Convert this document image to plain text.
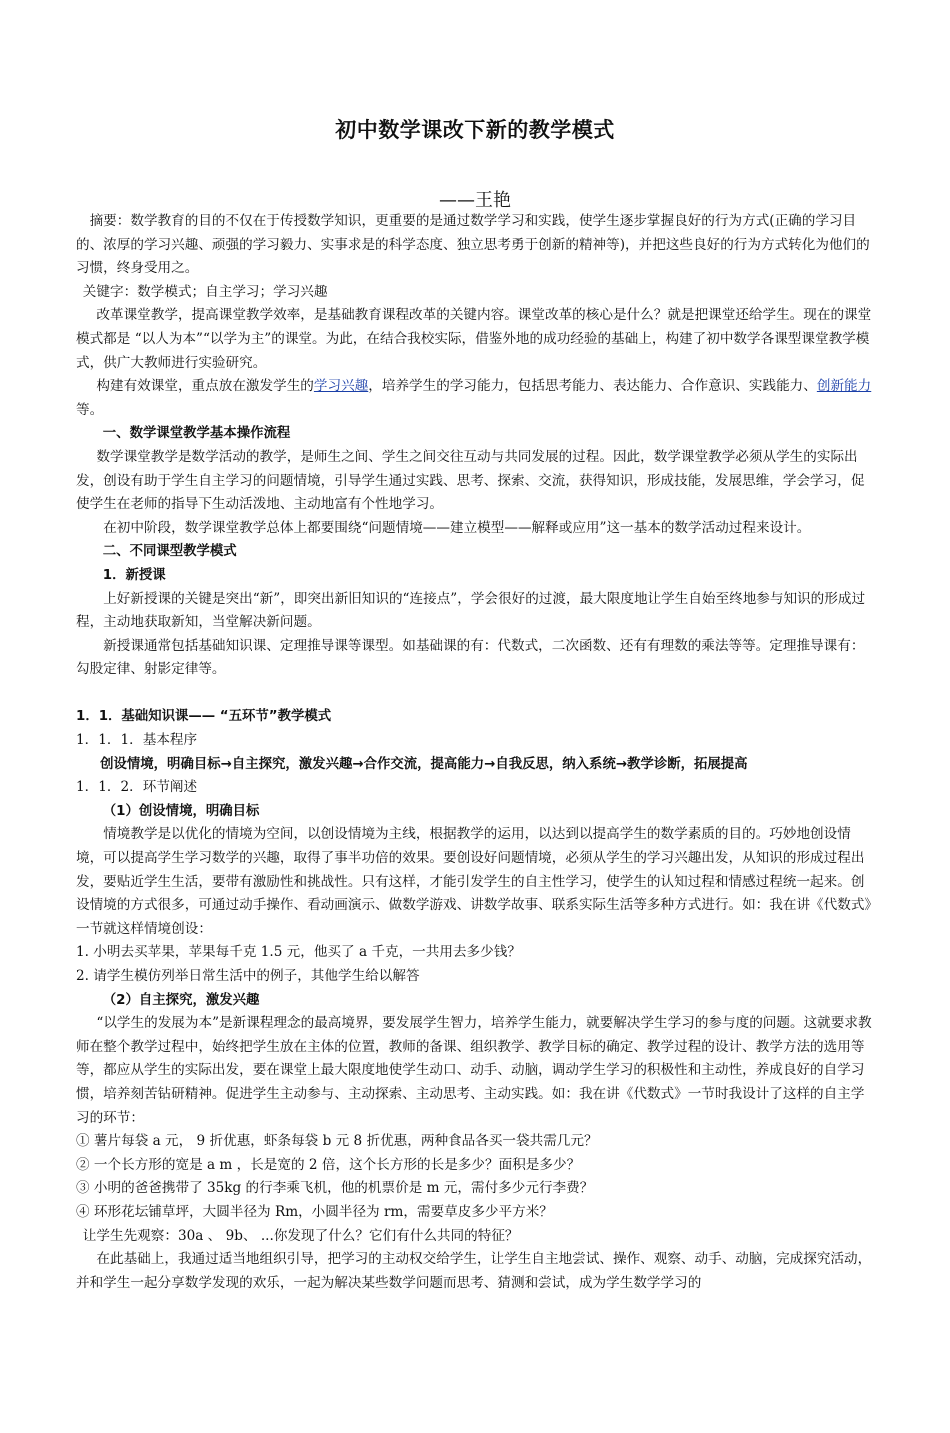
初中数学课改下新的教学模式
——王艳

摘要：数学教育的目的不仅在于传授数学知识，更重要的是通过数学学习和实践，使学生逐步掌握良好的行为方式(正确的学习目的、浓厚的学习兴趣、顽强的学习毅力、实事求是的科学态度、独立思考勇于创新的精神等)，并把这些良好的行为方式转化为他们的习惯，终身受用之。

关键字：数学模式；自主学习；学习兴趣

改革课堂教学，提高课堂教学效率，是基础教育课程改革的关键内容。课堂改革的核心是什么？就是把课堂还给学生。现在的课堂模式都是 “以人为本”“以学为主”的课堂。为此，在结合我校实际，借鉴外地的成功经验的基础上，构建了初中数学各课型课堂教学模式，供广大教师进行实验研究。

构建有效课堂，重点放在激发学生的学习兴趣，培养学生的学习能力，包括思考能力、表达能力、合作意识、实践能力、创新能力等。

一、数学课堂教学基本操作流程

数学课堂教学是数学活动的教学，是师生之间、学生之间交往互动与共同发展的过程。因此，数学课堂教学必须从学生的实际出发，创设有助于学生自主学习的问题情境，引导学生通过实践、思考、探索、交流，获得知识，形成技能，发展思维，学会学习，促使学生在老师的指导下生动活泼地、主动地富有个性地学习。

在初中阶段，数学课堂教学总体上都要围绕“问题情境——建立模型——解释或应用”这一基本的数学活动过程来设计。

二、不同课型教学模式

1．新授课

上好新授课的关键是突出“新”，即突出新旧知识的“连接点”，学会很好的过渡，最大限度地让学生自始至终地参与知识的形成过程，主动地获取新知，当堂解决新问题。

新授课通常包括基础知识课、定理推导课等课型。如基础课的有：代数式，二次函数、还有有理数的乘法等等。定理推导课有：勾股定律、射影定律等。

1．1．基础知识课—— “五环节”教学模式

1．1．1．基本程序

创设情境，明确目标→自主探究，激发兴趣→合作交流，提高能力→自我反思，纳入系统→教学诊断，拓展提高

1．1．2．环节阐述

（1）创设情境，明确目标

情境教学是以优化的情境为空间，以创设情境为主线，根据教学的运用，以达到以提高学生的数学素质的目的。巧妙地创设情境，可以提高学生学习数学的兴趣，取得了事半功倍的效果。要创设好问题情境，必须从学生的学习兴趣出发，从知识的形成过程出发，要贴近学生生活，要带有激励性和挑战性。只有这样，才能引发学生的自主性学习，使学生的认知过程和情感过程统一起来。创设情境的方式很多，可通过动手操作、看动画演示、做数学游戏、讲数学故事、联系实际生活等多种方式进行。如：我在讲《代数式》一节就这样情境创设：

1. 小明去买苹果，苹果每千克 1.5 元，他买了 a 千克，一共用去多少钱？

2. 请学生模仿列举日常生活中的例子，其他学生给以解答

（2）自主探究，激发兴趣

“以学生的发展为本”是新课程理念的最高境界，要发展学生智力，培养学生能力，就要解决学生学习的参与度的问题。这就要求教师在整个教学过程中，始终把学生放在主体的位置，教师的备课、组织教学、教学目标的确定、教学过程的设计、教学方法的选用等等，都应从学生的实际出发，要在课堂上最大限度地使学生动口、动手、动脑，调动学生学习的积极性和主动性，养成良好的自学习惯，培养刻苦钻研精神。促进学生主动参与、主动探索、主动思考、主动实践。如：我在讲《代数式》一节时我设计了这样的自主学习的环节：

① 薯片每袋 a 元， 9 折优惠，虾条每袋 b 元 8 折优惠，两种食品各买一袋共需几元？

② 一个长方形的宽是 a m ，长是宽的 2 倍，这个长方形的长是多少？面积是多少？

③ 小明的爸爸携带了 35kg 的行李乘飞机，他的机票价是 m 元，需付多少元行李费？

④ 环形花坛铺草坪，大圆半径为 Rm，小圆半径为 rm，需要草皮多少平方米？

让学生先观察：30a 、 9b、 ...你发现了什么？它们有什么共同的特征？

在此基础上，我通过适当地组织引导，把学习的主动权交给学生，让学生自主地尝试、操作、观察、动手、动脑，完成探究活动，并和学生一起分享数学发现的欢乐，一起为解决某些数学问题而思考、猜测和尝试，成为学生数学学习的
